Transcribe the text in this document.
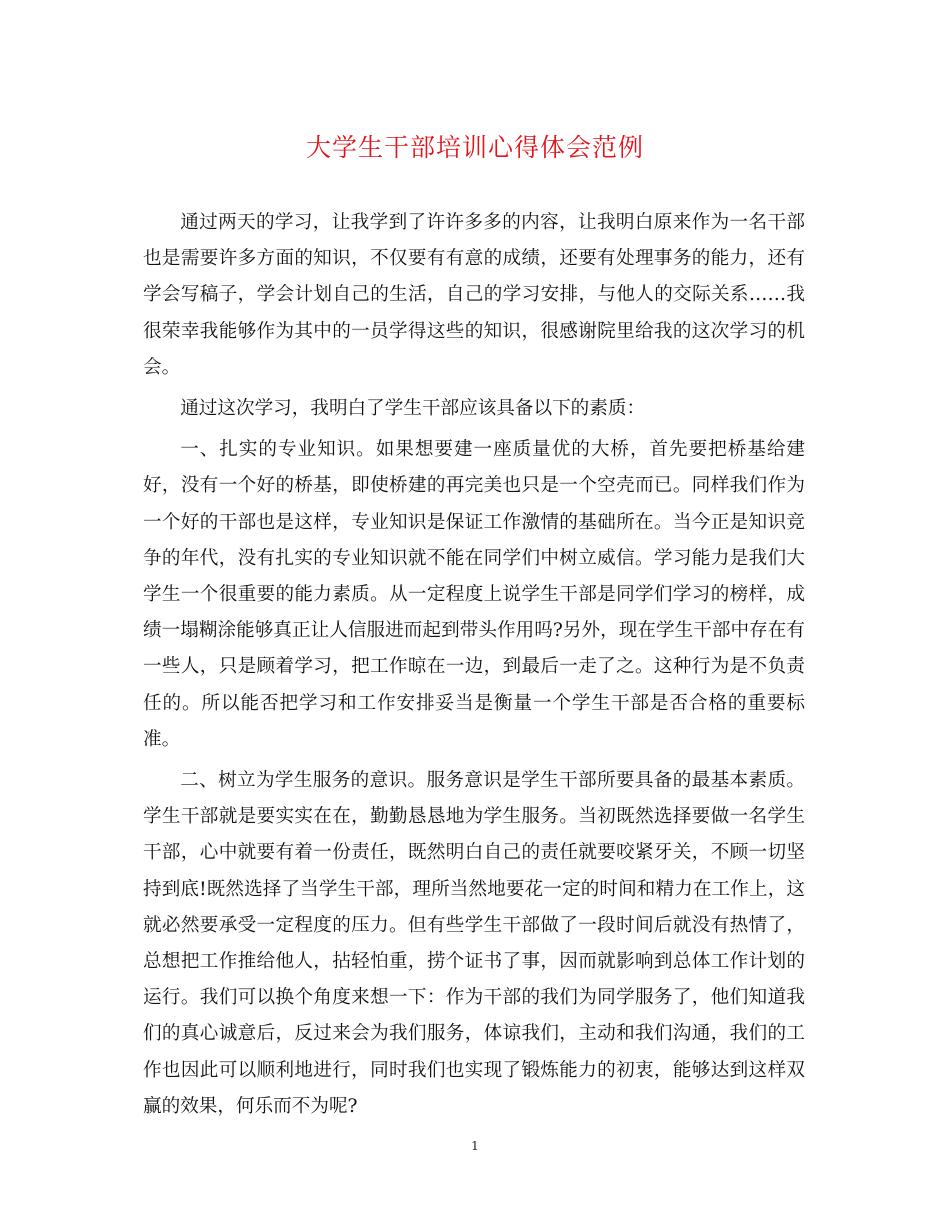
大学生干部培训心得体会范例

通过两天的学习，让我学到了许许多多的内容，让我明白原来作为一名干部也是需要许多方面的知识，不仅要有有意的成绩，还要有处理事务的能力，还有学会写稿子，学会计划自己的生活，自己的学习安排，与他人的交际关系……我很荣幸我能够作为其中的一员学得这些的知识，很感谢院里给我的这次学习的机会。

通过这次学习，我明白了学生干部应该具备以下的素质：

一、扎实的专业知识。如果想要建一座质量优的大桥，首先要把桥基给建好，没有一个好的桥基，即使桥建的再完美也只是一个空壳而已。同样我们作为一个好的干部也是这样，专业知识是保证工作激情的基础所在。当今正是知识竞争的年代，没有扎实的专业知识就不能在同学们中树立威信。学习能力是我们大学生一个很重要的能力素质。从一定程度上说学生干部是同学们学习的榜样，成绩一塌糊涂能够真正让人信服进而起到带头作用吗?另外，现在学生干部中存在有一些人，只是顾着学习，把工作晾在一边，到最后一走了之。这种行为是不负责任的。所以能否把学习和工作安排妥当是衡量一个学生干部是否合格的重要标准。

二、树立为学生服务的意识。服务意识是学生干部所要具备的最基本素质。学生干部就是要实实在在，勤勤恳恳地为学生服务。当初既然选择要做一名学生干部，心中就要有着一份责任，既然明白自己的责任就要咬紧牙关，不顾一切坚持到底!既然选择了当学生干部，理所当然地要花一定的时间和精力在工作上，这就必然要承受一定程度的压力。但有些学生干部做了一段时间后就没有热情了，总想把工作推给他人，拈轻怕重，捞个证书了事，因而就影响到总体工作计划的运行。我们可以换个角度来想一下：作为干部的我们为同学服务了，他们知道我们的真心诚意后，反过来会为我们服务，体谅我们，主动和我们沟通，我们的工作也因此可以顺利地进行，同时我们也实现了锻炼能力的初衷，能够达到这样双赢的效果，何乐而不为呢?

1
